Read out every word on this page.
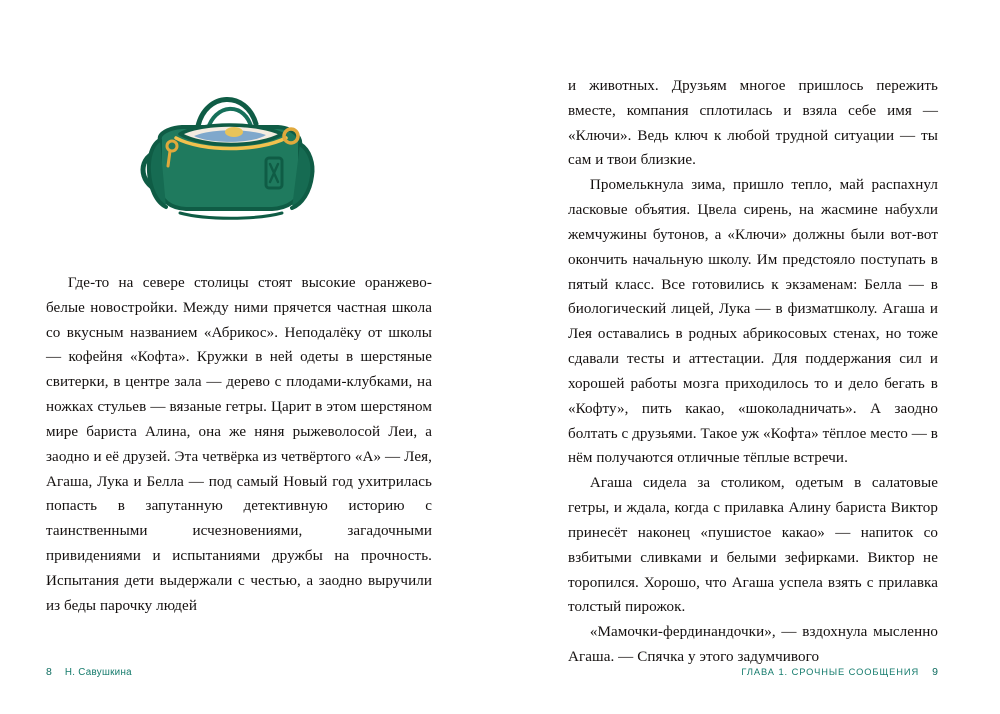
Где-то на севере столицы стоят высокие оранжево-белые новостройки. Между ними прячется частная школа со вкусным названием «Абрикос». Неподалёку от школы — кофейня «Кофта». Кружки в ней одеты в шерстяные свитерки, в центре зала — дерево с плодами-клубками, на ножках стульев — вязаные гетры. Царит в этом шерстяном мире бариста Алина, она же няня рыжеволосой Леи, а заодно и её друзей. Эта четвёрка из четвёртого «А» — Лея, Агаша, Лука и Белла — под самый Новый год ухитрилась попасть в запутанную детективную историю с таинственными исчезновениями, загадочными привидениями и испытаниями дружбы на прочность. Испытания дети выдержали с честью, а заодно выручили из беды парочку людей

8 Н. Савушкина

и животных. Друзьям многое пришлось пережить вместе, компания сплотилась и взяла себе имя — «Ключи». Ведь ключ к любой трудной ситуации — ты сам и твои близкие.

Промелькнула зима, пришло тепло, май распахнул ласковые объятия. Цвела сирень, на жасмине набухли жемчужины бутонов, а «Ключи» должны были вот-вот окончить начальную школу. Им предстояло поступать в пятый класс. Все готовились к экзаменам: Белла — в биологический лицей, Лука — в физматшколу. Агаша и Лея оставались в родных абрикосовых стенах, но тоже сдавали тесты и аттестации. Для поддержания сил и хорошей работы мозга приходилось то и дело бегать в «Кофту», пить какао, «шоколадничать». А заодно болтать с друзьями. Такое уж «Кофта» тёплое место — в нём получаются отличные тёплые встречи.

Агаша сидела за столиком, одетым в салатовые гетры, и ждала, когда с прилавка Алину бариста Виктор принесёт наконец «пушистое какао» — напиток со взбитыми сливками и белыми зефирками. Виктор не торопился. Хорошо, что Агаша успела взять с прилавка толстый пирожок.

«Мамочки-фердинандочки», — вздохнула мысленно Агаша. — Спячка у этого задумчивого

ГЛАВА 1. СРОЧНЫЕ СООБЩЕНИЯ 9
